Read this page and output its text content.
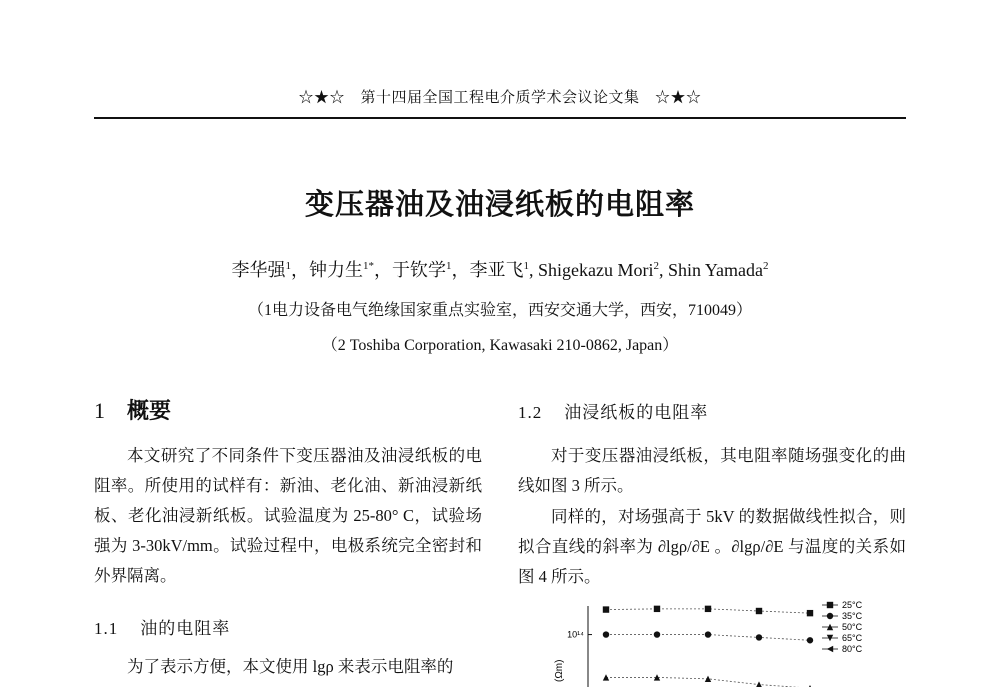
☆★☆　第十四届全国工程电介质学术会议论文集　☆★☆
变压器油及油浸纸板的电阻率
李华强$^1$，钟力生$^{1*}$，于钦学$^1$，李亚飞$^1$, Shigekazu Mori$^2$, Shin Yamada$^2$
（1电力设备电气绝缘国家重点实验室，西安交通大学，西安，710049）
（2 Toshiba Corporation, Kawasaki 210-0862, Japan）
1 概要
本文研究了不同条件下变压器油及油浸纸板的电阻率。所使用的试样有：新油、老化油、新油浸新纸板、老化油浸新纸板。试验温度为 25-80° C，试验场强为 3-30kV/mm。试验过程中，电极系统完全密封和外界隔离。
1.1 油的电阻率
为了表示方便，本文使用 lgρ 来表示电阻率的
1.2 油浸纸板的电阻率
对于变压器油浸纸板，其电阻率随场强变化的曲线如图 3 所示。
同样的，对场强高于 5kV 的数据做线性拟合，则拟合直线的斜率为 ∂lgρ/∂E 。∂lgρ/∂E 与温度的关系如图 4 所示。
10¹⁴
(Ωm)
25°C
35°C
50°C
65°C
80°C
